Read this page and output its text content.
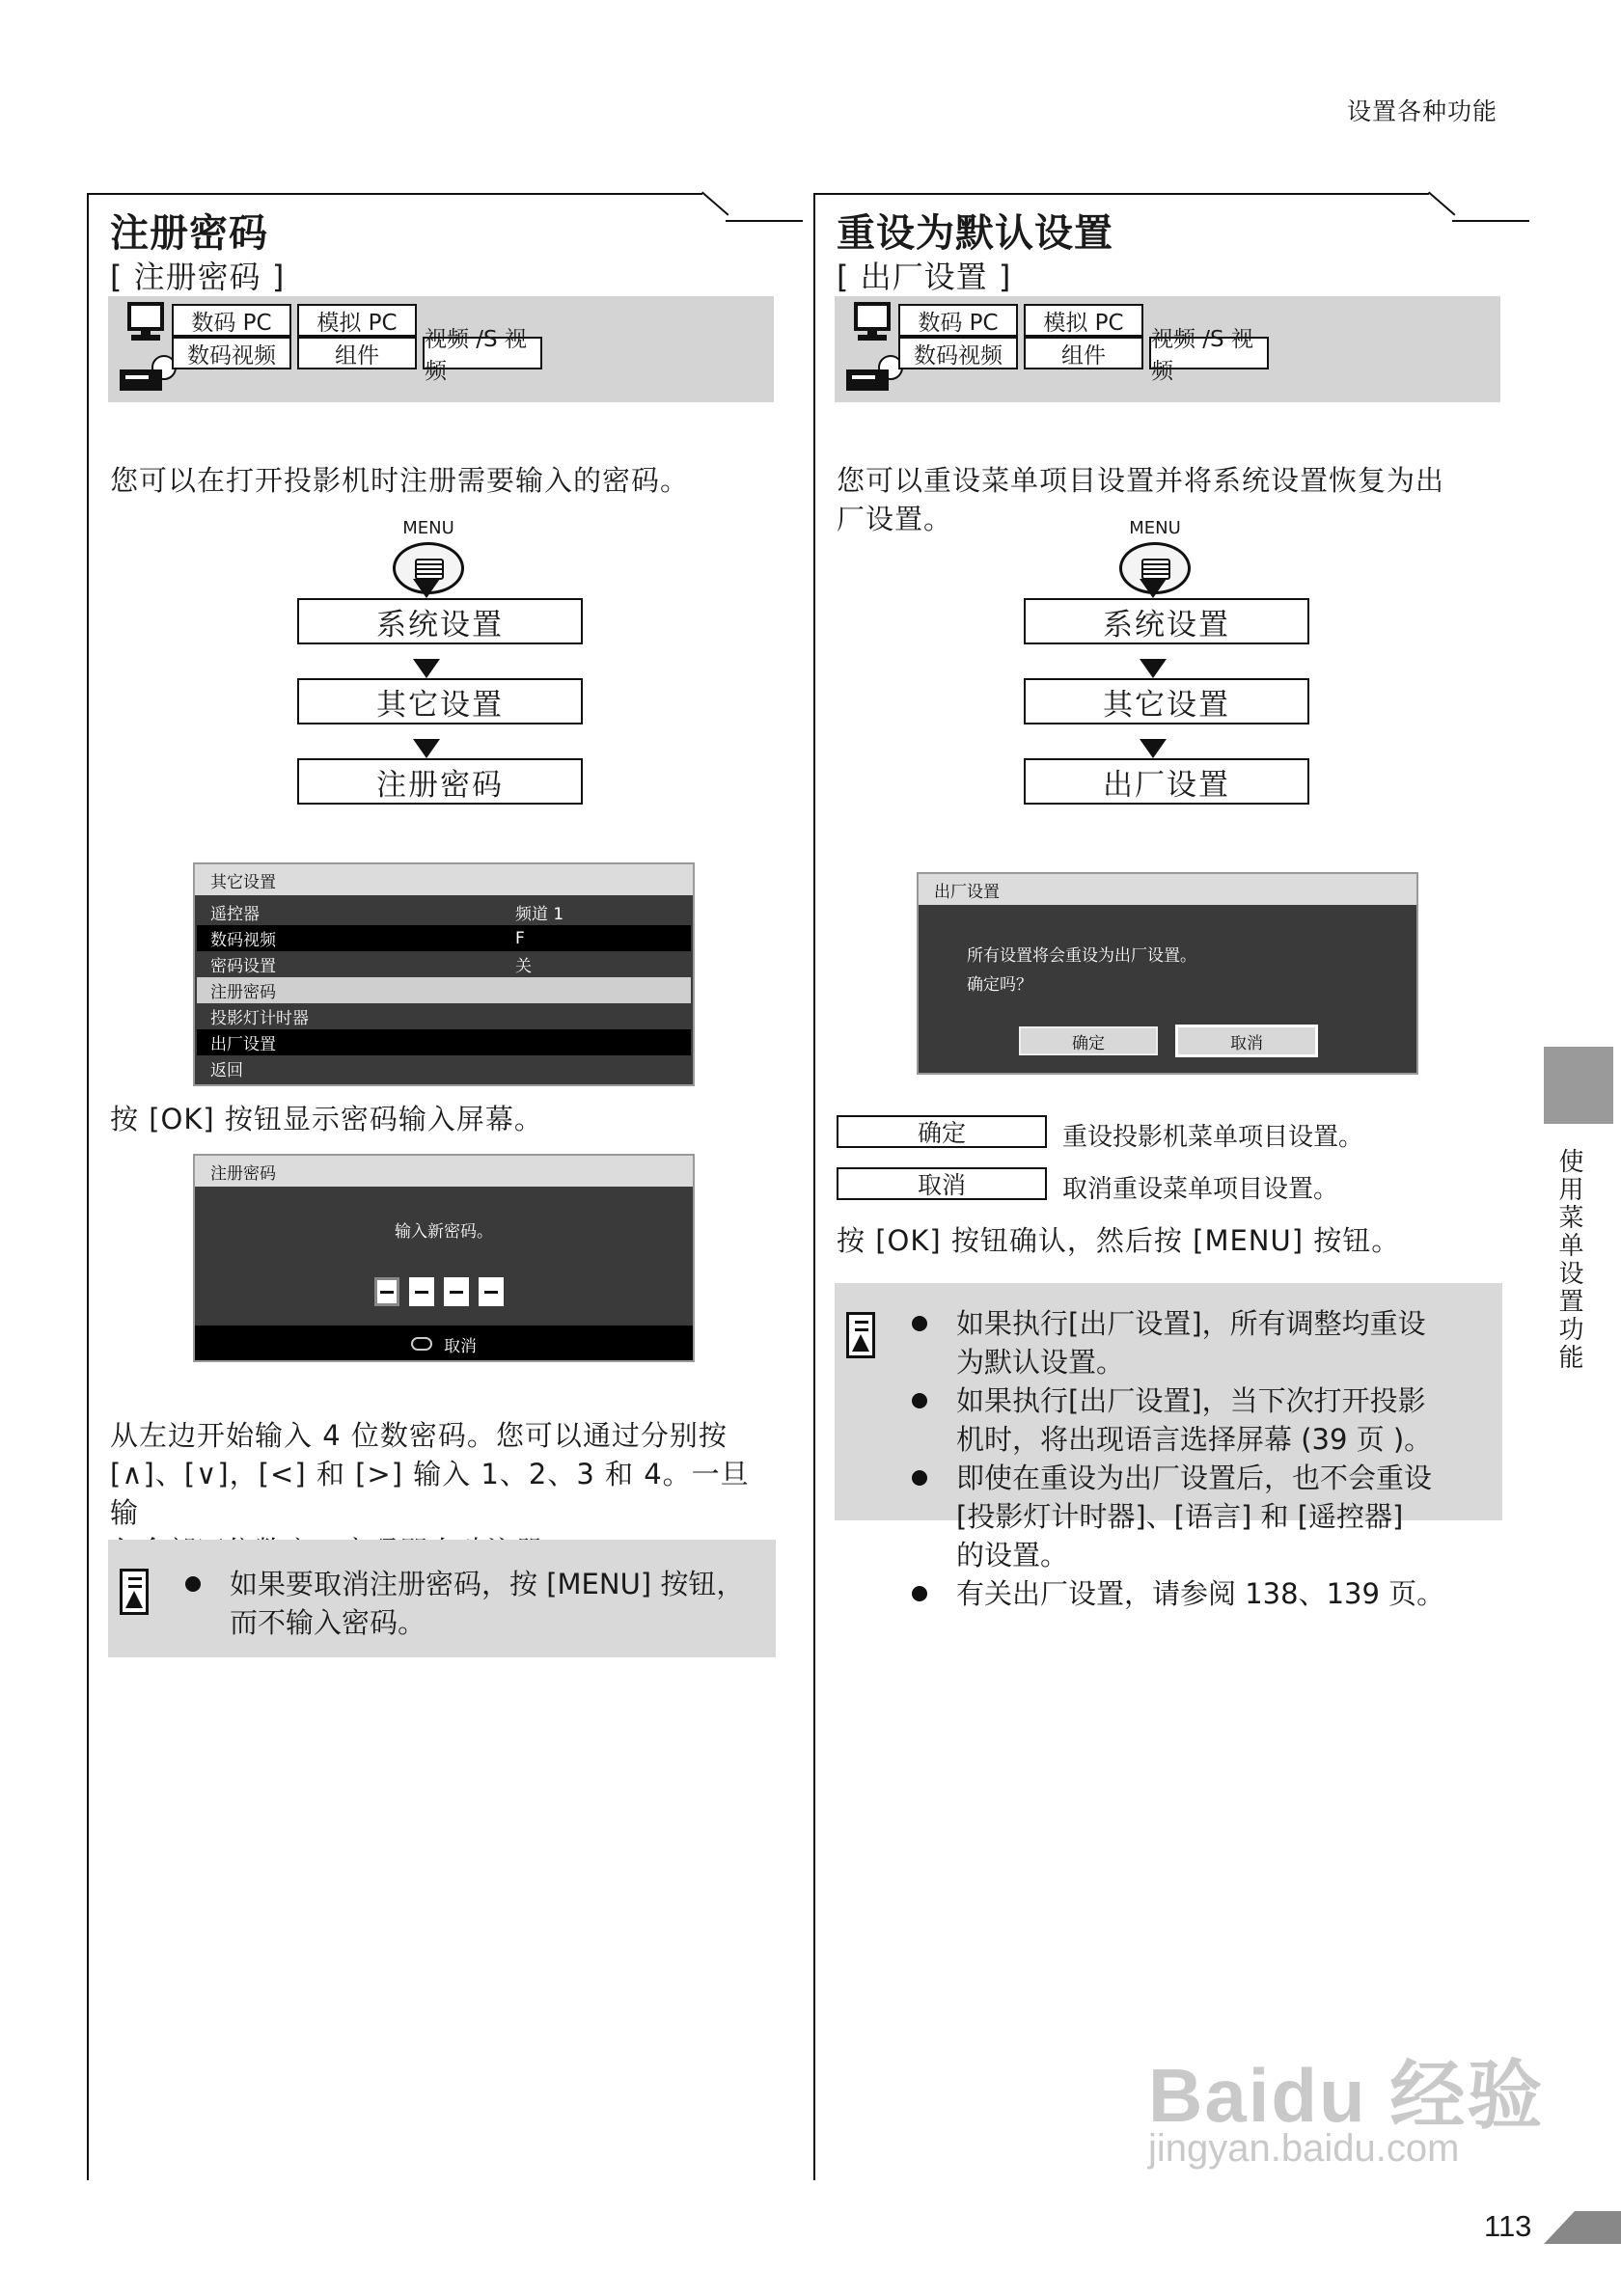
设置各种功能
注册密码
[ 注册密码 ]
数码 PC	模拟 PC
数码视频	组件
视频 /S 视频
您可以在打开投影机时注册需要输入的密码。
MENU
系统设置
其它设置
注册密码
其它设置
遥控器	频道 1
数码视频	F
密码设置	关
注册密码
投影灯计时器
出厂设置
返回
按 [OK] 按钮显示密码输入屏幕。
注册密码
输入新密码。
取消
从左边开始输入 4 位数密码。您可以通过分别按
[∧]、[∨]，[<] 和 [>] 输入 1、2、3 和 4。一旦输
如果要取消注册密码，按 [MENU] 按钮，
而不输入密码。
重设为默认设置
[ 出厂设置 ]
数码 PC	模拟 PC
数码视频	组件
视频 /S 视频
您可以重设菜单项目设置并将系统设置恢复为出
厂设置。	MENU
系统设置
其它设置
出厂设置
出厂设置
所有设置将会重设为出厂设置。
确定吗？
确定	取消
确定	重设投影机菜单项目设置。
取消	取消重设菜单项目设置。
按 [OK] 按钮确认，然后按 [MENU] 按钮。
如果执行[出厂设置]，所有调整均重设
为默认设置。
如果执行[出厂设置]，当下次打开投影
机时，将出现语言选择屏幕 (39 页 )。
即使在重设为出厂设置后，也不会重设
[投影灯计时器]、[语言] 和 [遥控器]
的设置。
有关出厂设置，请参阅 138、139 页。
使用菜单设置功能
Baidu 经验
jingyan.baidu.com
113
